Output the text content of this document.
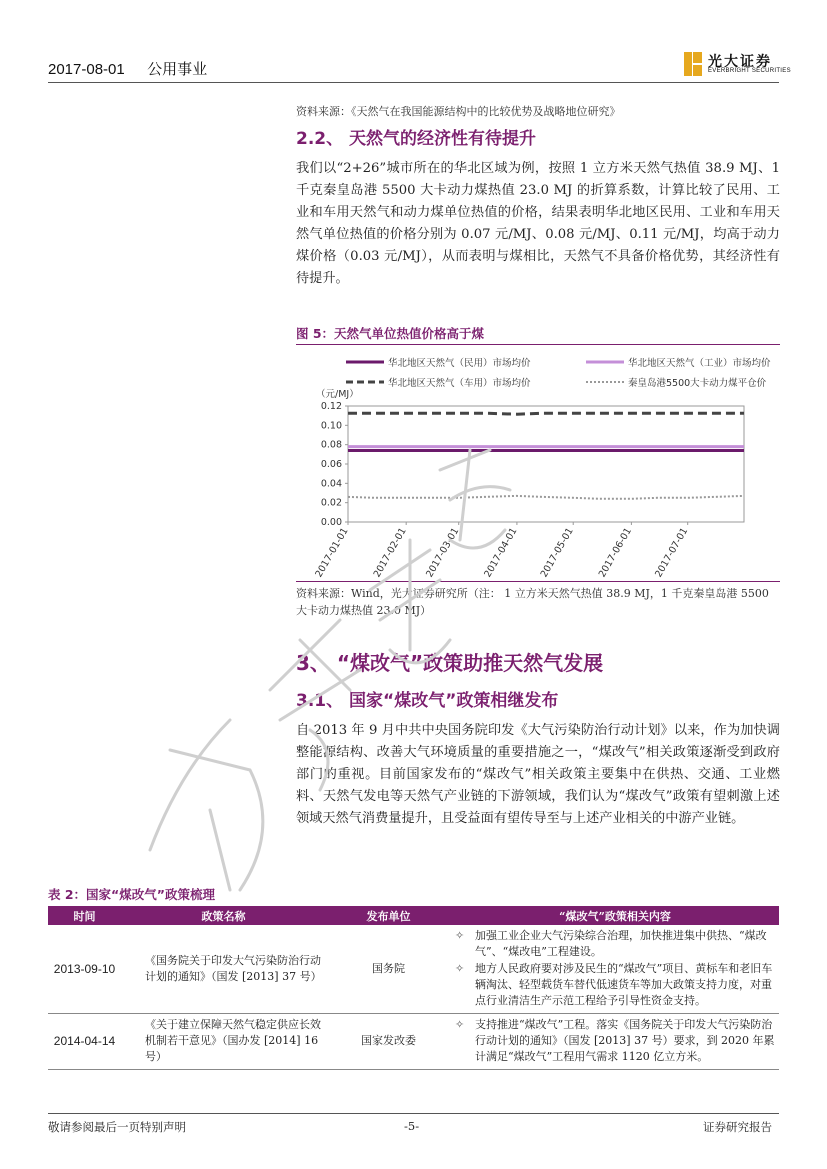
2017-08-01 公用事业	光大证券
EVERBRIGHT SECURITIES
资料来源：《天然气在我国能源结构中的比较优势及战略地位研究》
2.2、 天然气的经济性有待提升
我们以“2+26”城市所在的华北区域为例，按照 1 立方米天然气热值 38.9 MJ、1 千克秦皇岛港 5500 大卡动力煤热值 23.0 MJ 的折算系数，计算比较了民用、工业和车用天然气和动力煤单位热值的价格，结果表明华北地区民用、工业和车用天然气单位热值的价格分别为 0.07 元/MJ、0.08 元/MJ、0.11 元/MJ，均高于动力煤价格（0.03 元/MJ），从而表明与煤相比，天然气不具备价格优势，其经济性有待提升。
图 5：天然气单位热值价格高于煤
华北地区天然气（民用）市场均价	华北地区天然气（工业）市场均价
华北地区天然气（车用）市场均价	秦皇岛港5500大卡动力煤平仓价
（元/MJ）
0.12
0.10
0.08
0.06
0.04
0.02
0.00
2017-01-01 2017-02-01 2017-03-01 2017-04-01 2017-05-01 2017-06-01 2017-07-01
资料来源：Wind，光大证券研究所（注： 1 立方米天然气热值 38.9 MJ，1 千克秦皇岛港 5500 大卡动力煤热值 23.0 MJ）
3、 “煤改气”政策助推天然气发展
3.1、 国家“煤改气”政策相继发布
自 2013 年 9 月中共中央国务院印发《大气污染防治行动计划》以来，作为加快调整能源结构、改善大气环境质量的重要措施之一，“煤改气”相关政策逐渐受到政府部门的重视。目前国家发布的“煤改气”相关政策主要集中在供热、交通、工业燃料、天然气发电等天然气产业链的下游领域，我们认为“煤改气”政策有望刺激上述领域天然气消费量提升，且受益面有望传导至与上述产业相关的中游产业链。
表 2：国家“煤改气”政策梳理
时间	政策名称	发布单位	“煤改气”政策相关内容
2013-09-10	《国务院关于印发大气污染防治行动计划的通知》（国发 [2013] 37 号）	国务院	✧ 加强工业企业大气污染综合治理，加快推进集中供热、“煤改气”、“煤改电”工程建设。
✧ 地方人民政府要对涉及民生的“煤改气”项目、黄标车和老旧车辆淘汰、轻型载货车替代低速货车等加大政策支持力度，对重点行业清洁生产示范工程给予引导性资金支持。

2014-04-14	《关于建立保障天然气稳定供应长效机制若干意见》（国办发 [2014] 16 号）	国家发改委	✧ 支持推进“煤改气”工程。落实《国务院关于印发大气污染防治行动计划的通知》（国发 [2013] 37 号）要求，到 2020 年累计满足“煤改气”工程用气需求 1120 亿立方米。
万得资讯
敬请参阅最后一页特别声明	-5-	证券研究报告
